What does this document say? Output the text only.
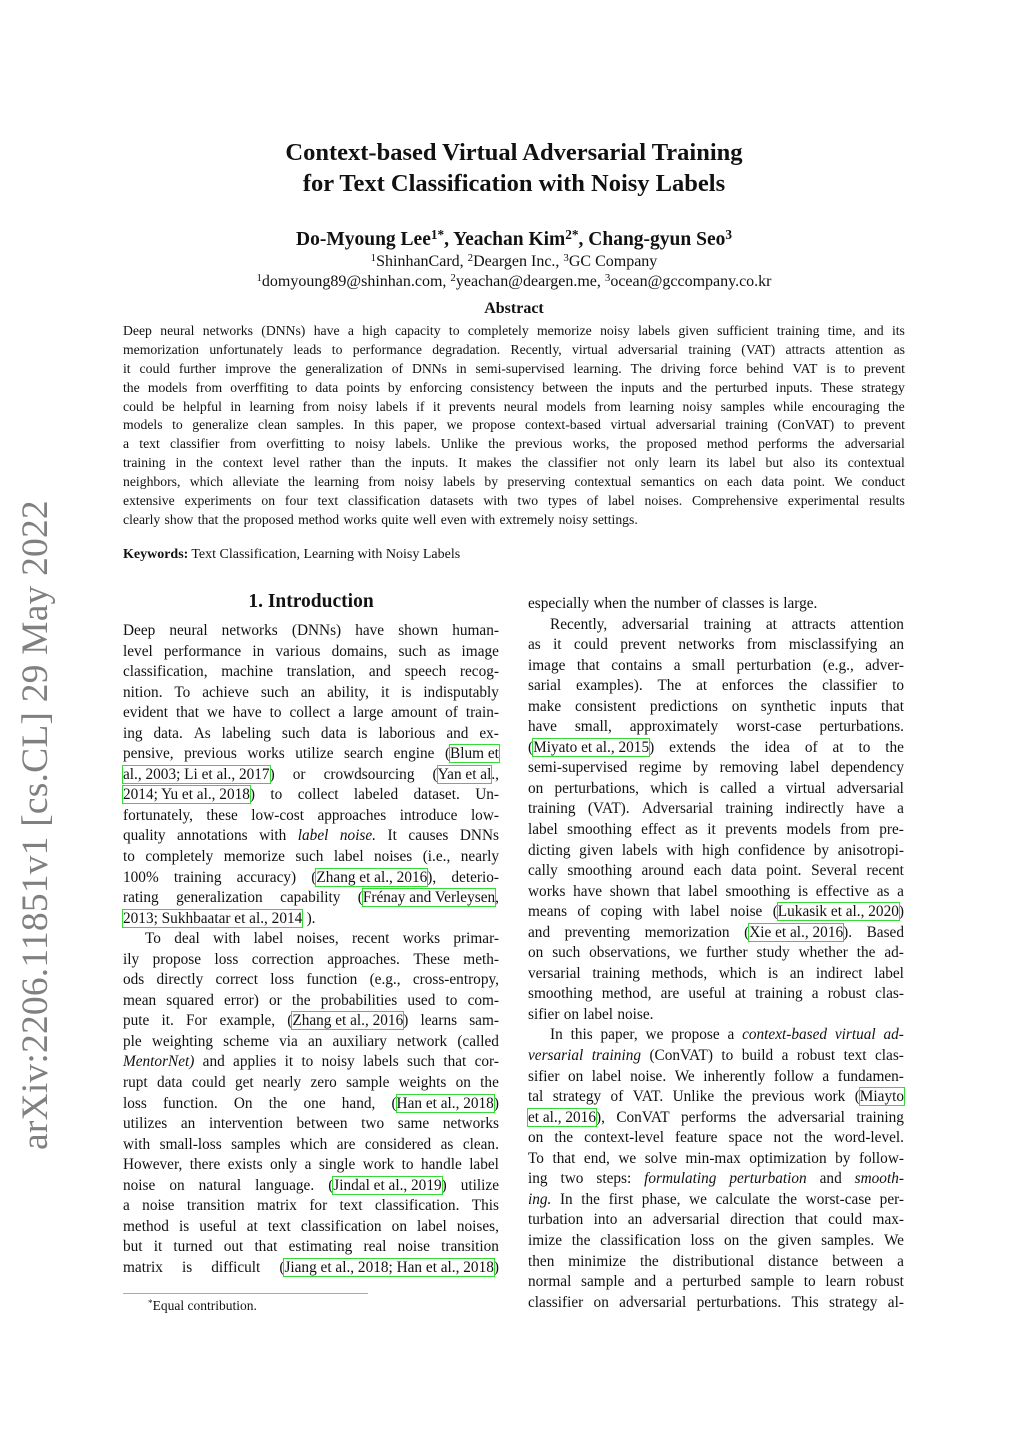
arXiv:2206.11851v1 [cs.CL] 29 May 2022
Context-based Virtual Adversarial Training
for Text Classification with Noisy Labels
Do-Myoung Lee$^{1*}$, Yeachan Kim$^{2*}$, Chang-gyun Seo$^3$
$^1$ShinhanCard, $^2$Deargen Inc., $^3$GC Company
$^1$domyoung89@shinhan.com, $^2$yeachan@deargen.me, $^3$ocean@gccompany.co.kr
Abstract
Deep neural networks (DNNs) have a high capacity to completely memorize noisy labels given sufficient training time, and its
memorization unfortunately leads to performance degradation. Recently, virtual adversarial training (VAT) attracts attention as
it could further improve the generalization of DNNs in semi-supervised learning. The driving force behind VAT is to prevent
the models from overffiting to data points by enforcing consistency between the inputs and the perturbed inputs. These strategy
could be helpful in learning from noisy labels if it prevents neural models from learning noisy samples while encouraging the
models to generalize clean samples. In this paper, we propose context-based virtual adversarial training (ConVAT) to prevent
a text classifier from overfitting to noisy labels. Unlike the previous works, the proposed method performs the adversarial
training in the context level rather than the inputs. It makes the classifier not only learn its label but also its contextual
neighbors, which alleviate the learning from noisy labels by preserving contextual semantics on each data point. We conduct
extensive experiments on four text classification datasets with two types of label noises. Comprehensive experimental results
clearly show that the proposed method works quite well even with extremely noisy settings.
Keywords: Text Classification, Learning with Noisy Labels
1. Introduction
Deep neural networks (DNNs) have shown human-
level performance in various domains, such as image
classification, machine translation, and speech recog-
nition. To achieve such an ability, it is indisputably
evident that we have to collect a large amount of train-
ing data. As labeling such data is laborious and ex-
pensive, previous works utilize search engine (Blum et
al., 2003; Li et al., 2017) or crowdsourcing (Yan et al.,
2014; Yu et al., 2018) to collect labeled dataset. Un-
fortunately, these low-cost approaches introduce low-
quality annotations with label noise. It causes DNNs
to completely memorize such label noises (i.e., nearly
100% training accuracy) (Zhang et al., 2016), deterio-
rating generalization capability (Frénay and Verleysen,
2013; Sukhbaatar et al., 2014 ).
To deal with label noises, recent works primar-
ily propose loss correction approaches. These meth-
ods directly correct loss function (e.g., cross-entropy,
mean squared error) or the probabilities used to com-
pute it. For example, (Zhang et al., 2016) learns sam-
ple weighting scheme via an auxiliary network (called
MentorNet) and applies it to noisy labels such that cor-
rupt data could get nearly zero sample weights on the
loss function. On the one hand, (Han et al., 2018)
utilizes an intervention between two same networks
with small-loss samples which are considered as clean.
However, there exists only a single work to handle label
noise on natural language. (Jindal et al., 2019) utilize
a noise transition matrix for text classification. This
method is useful at text classification on label noises,
but it turned out that estimating real noise transition
matrix is difficult (Jiang et al., 2018; Han et al., 2018)
especially when the number of classes is large.
Recently, adversarial training at attracts attention
as it could prevent networks from misclassifying an
image that contains a small perturbation (e.g., adver-
sarial examples). The at enforces the classifier to
make consistent predictions on synthetic inputs that
have small, approximately worst-case perturbations.
(Miyato et al., 2015) extends the idea of at to the
semi-supervised regime by removing label dependency
on perturbations, which is called a virtual adversarial
training (VAT). Adversarial training indirectly have a
label smoothing effect as it prevents models from pre-
dicting given labels with high confidence by anisotropi-
cally smoothing around each data point. Several recent
works have shown that label smoothing is effective as a
means of coping with label noise (Lukasik et al., 2020)
and preventing memorization (Xie et al., 2016). Based
on such observations, we further study whether the ad-
versarial training methods, which is an indirect label
smoothing method, are useful at training a robust clas-
sifier on label noise.
In this paper, we propose a context-based virtual ad-
versarial training (ConVAT) to build a robust text clas-
sifier on label noise. We inherently follow a fundamen-
tal strategy of VAT. Unlike the previous work (Miayto
et al., 2016), ConVAT performs the adversarial training
on the context-level feature space not the word-level.
To that end, we solve min-max optimization by follow-
ing two steps: formulating perturbation and smooth-
ing. In the first phase, we calculate the worst-case per-
turbation into an adversarial direction that could max-
imize the classification loss on the given samples. We
then minimize the distributional distance between a
normal sample and a perturbed sample to learn robust
classifier on adversarial perturbations. This strategy al-
*Equal contribution.
